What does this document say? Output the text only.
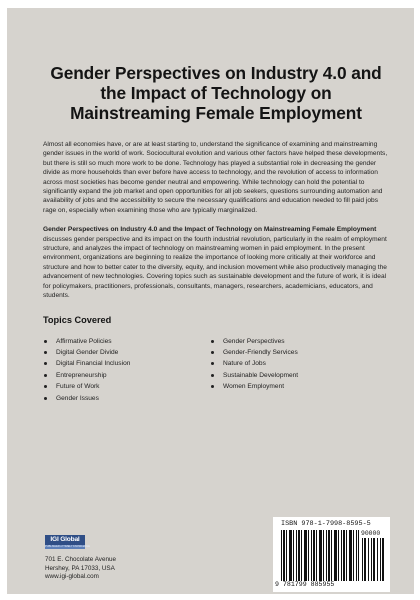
Gender Perspectives on Industry 4.0 and the Impact of Technology on Mainstreaming Female Employment

Almost all economies have, or are at least starting to, understand the significance of examining and mainstreaming gender issues in the world of work. Sociocultural evolution and various other factors have helped these developments, but there is still so much more work to be done. Technology has played a substantial role in decreasing the gender divide as more households than ever before have access to technology, and the revolution of access to information across most societies has become gender neutral and empowering. While technology can hold the potential to significantly expand the job market and open opportunities for all job seekers, questions surrounding automation and availability of jobs and the accessibility to secure the necessary qualifications and education needed to fill paid jobs rage on, especially when examining those who are typically marginalized.

Gender Perspectives on Industry 4.0 and the Impact of Technology on Mainstreaming Female Employment discusses gender perspective and its impact on the fourth industrial revolution, particularly in the realm of employment structure, and analyzes the impact of technology on mainstreaming women in paid employment. In the present environment, organizations are beginning to realize the importance of looking more critically at their workforce and structure and how to better cater to the diversity, equity, and inclusion movement while also productively managing the advancement of new technologies. Covering topics such as sustainable development and the future of work, it is ideal for policymakers, practitioners, professionals, consultants, managers, researchers, academicians, educators, and students.

Topics Covered
Affirmative Policies
Digital Gender Divide
Digital Financial Inclusion
Entrepreneurship
Future of Work
Gender Issues
Gender Perspectives
Gender-Friendly Services
Nature of Jobs
Sustainable Development
Women Employment
IGI Global
PUBLISHER of TIMELY KNOWLEDGE
701 E. Chocolate Avenue
Hershey, PA 17033, USA
www.igi-global.com
ISBN 978-1-7998-8595-5
90000
9 781799 885955
